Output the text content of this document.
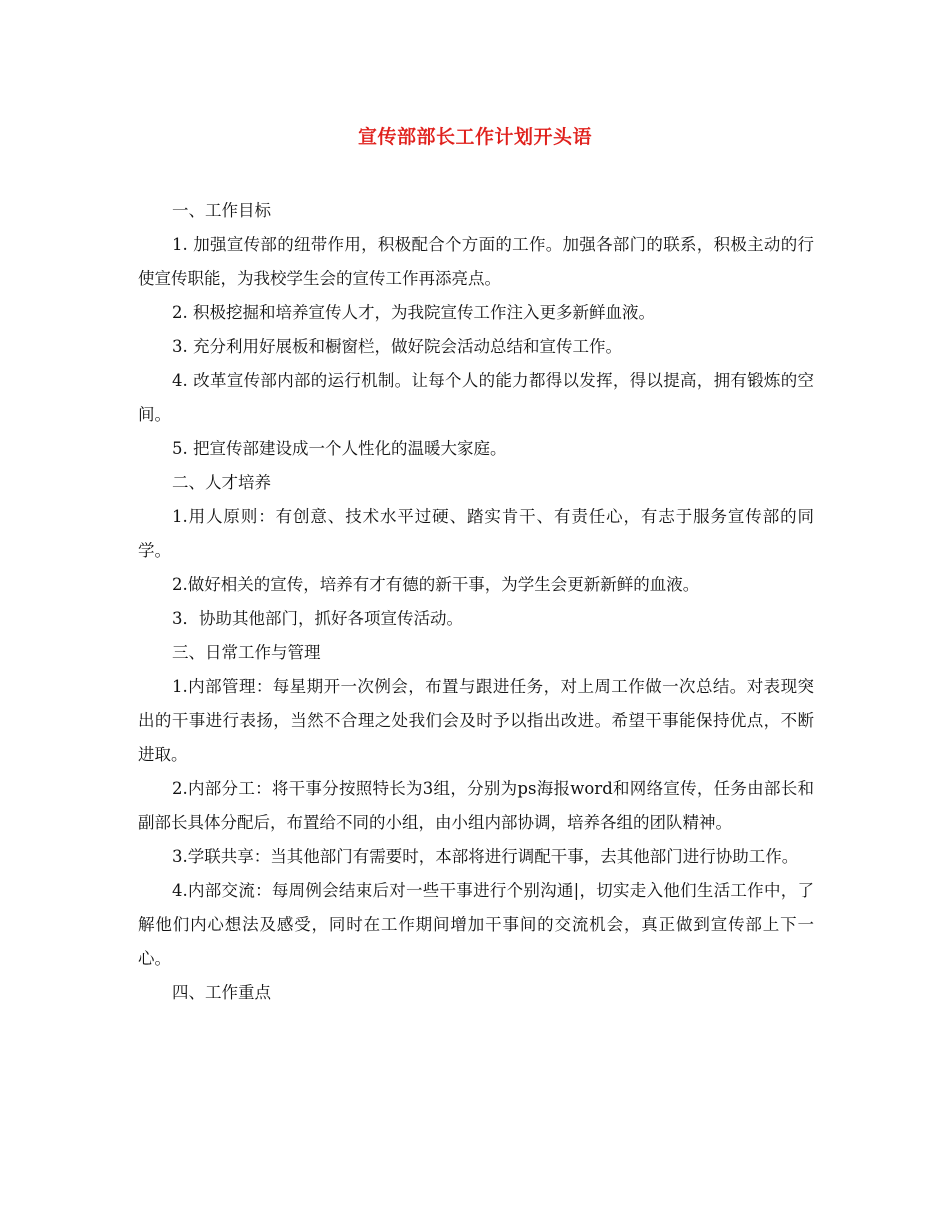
宣传部部长工作计划开头语

一、工作目标

1. 加强宣传部的纽带作用，积极配合个方面的工作。加强各部门的联系，积极主动的行使宣传职能，为我校学生会的宣传工作再添亮点。

2. 积极挖掘和培养宣传人才，为我院宣传工作注入更多新鲜血液。

3. 充分利用好展板和橱窗栏，做好院会活动总结和宣传工作。

4. 改革宣传部内部的运行机制。让每个人的能力都得以发挥，得以提高，拥有锻炼的空间。

5. 把宣传部建设成一个人性化的温暖大家庭。

二、人才培养

1.用人原则：有创意、技术水平过硬、踏实肯干、有责任心，有志于服务宣传部的同学。

2.做好相关的宣传，培养有才有德的新干事，为学生会更新新鲜的血液。

3．协助其他部门，抓好各项宣传活动。

三、日常工作与管理

1.内部管理：每星期开一次例会，布置与跟进任务，对上周工作做一次总结。对表现突出的干事进行表扬，当然不合理之处我们会及时予以指出改进。希望干事能保持优点，不断进取。

2.内部分工：将干事分按照特长为3组，分别为ps海报word和网络宣传，任务由部长和副部长具体分配后，布置给不同的小组，由小组内部协调，培养各组的团队精神。

3.学联共享：当其他部门有需要时，本部将进行调配干事，去其他部门进行协助工作。

4.内部交流：每周例会结束后对一些干事进行个别沟通|，切实走入他们生活工作中，了解他们内心想法及感受，同时在工作期间增加干事间的交流机会，真正做到宣传部上下一心。

四、工作重点
